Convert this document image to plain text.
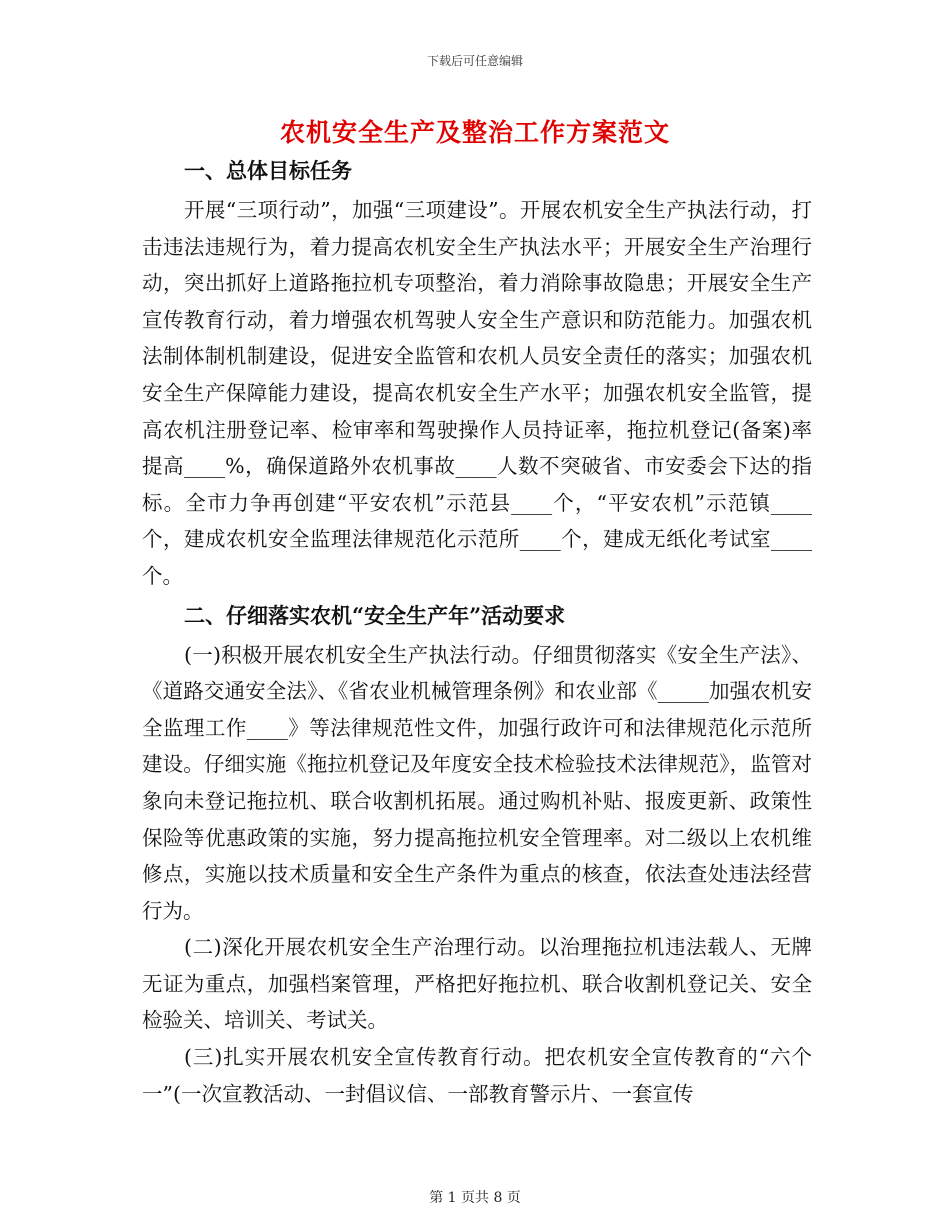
下载后可任意编辑
农机安全生产及整治工作方案范文
一、总体目标任务

开展“三项行动”，加强“三项建设”。开展农机安全生产执法行动，打击违法违规行为，着力提高农机安全生产执法水平；开展安全生产治理行动，突出抓好上道路拖拉机专项整治，着力消除事故隐患；开展安全生产宣传教育行动，着力增强农机驾驶人安全生产意识和防范能力。加强农机法制体制机制建设，促进安全监管和农机人员安全责任的落实；加强农机安全生产保障能力建设，提高农机安全生产水平；加强农机安全监管，提高农机注册登记率、检审率和驾驶操作人员持证率，拖拉机登记(备案)率提高____%，确保道路外农机事故____人数不突破省、市安委会下达的指标。全市力争再创建“平安农机”示范县____个，“平安农机”示范镇____个，建成农机安全监理法律规范化示范所____个，建成无纸化考试室____个。

二、仔细落实农机“安全生产年”活动要求

(一)积极开展农机安全生产执法行动。仔细贯彻落实《安全生产法》、《道路交通安全法》、《省农业机械管理条例》和农业部《_____加强农机安全监理工作____》等法律规范性文件，加强行政许可和法律规范化示范所建设。仔细实施《拖拉机登记及年度安全技术检验技术法律规范》，监管对象向未登记拖拉机、联合收割机拓展。通过购机补贴、报废更新、政策性保险等优惠政策的实施，努力提高拖拉机安全管理率。对二级以上农机维修点，实施以技术质量和安全生产条件为重点的核查，依法查处违法经营行为。

(二)深化开展农机安全生产治理行动。以治理拖拉机违法载人、无牌无证为重点，加强档案管理，严格把好拖拉机、联合收割机登记关、安全检验关、培训关、考试关。

(三)扎实开展农机安全宣传教育行动。把农机安全宣传教育的“六个一”(一次宣教活动、一封倡议信、一部教育警示片、一套宣传

第 1 页共 8 页
